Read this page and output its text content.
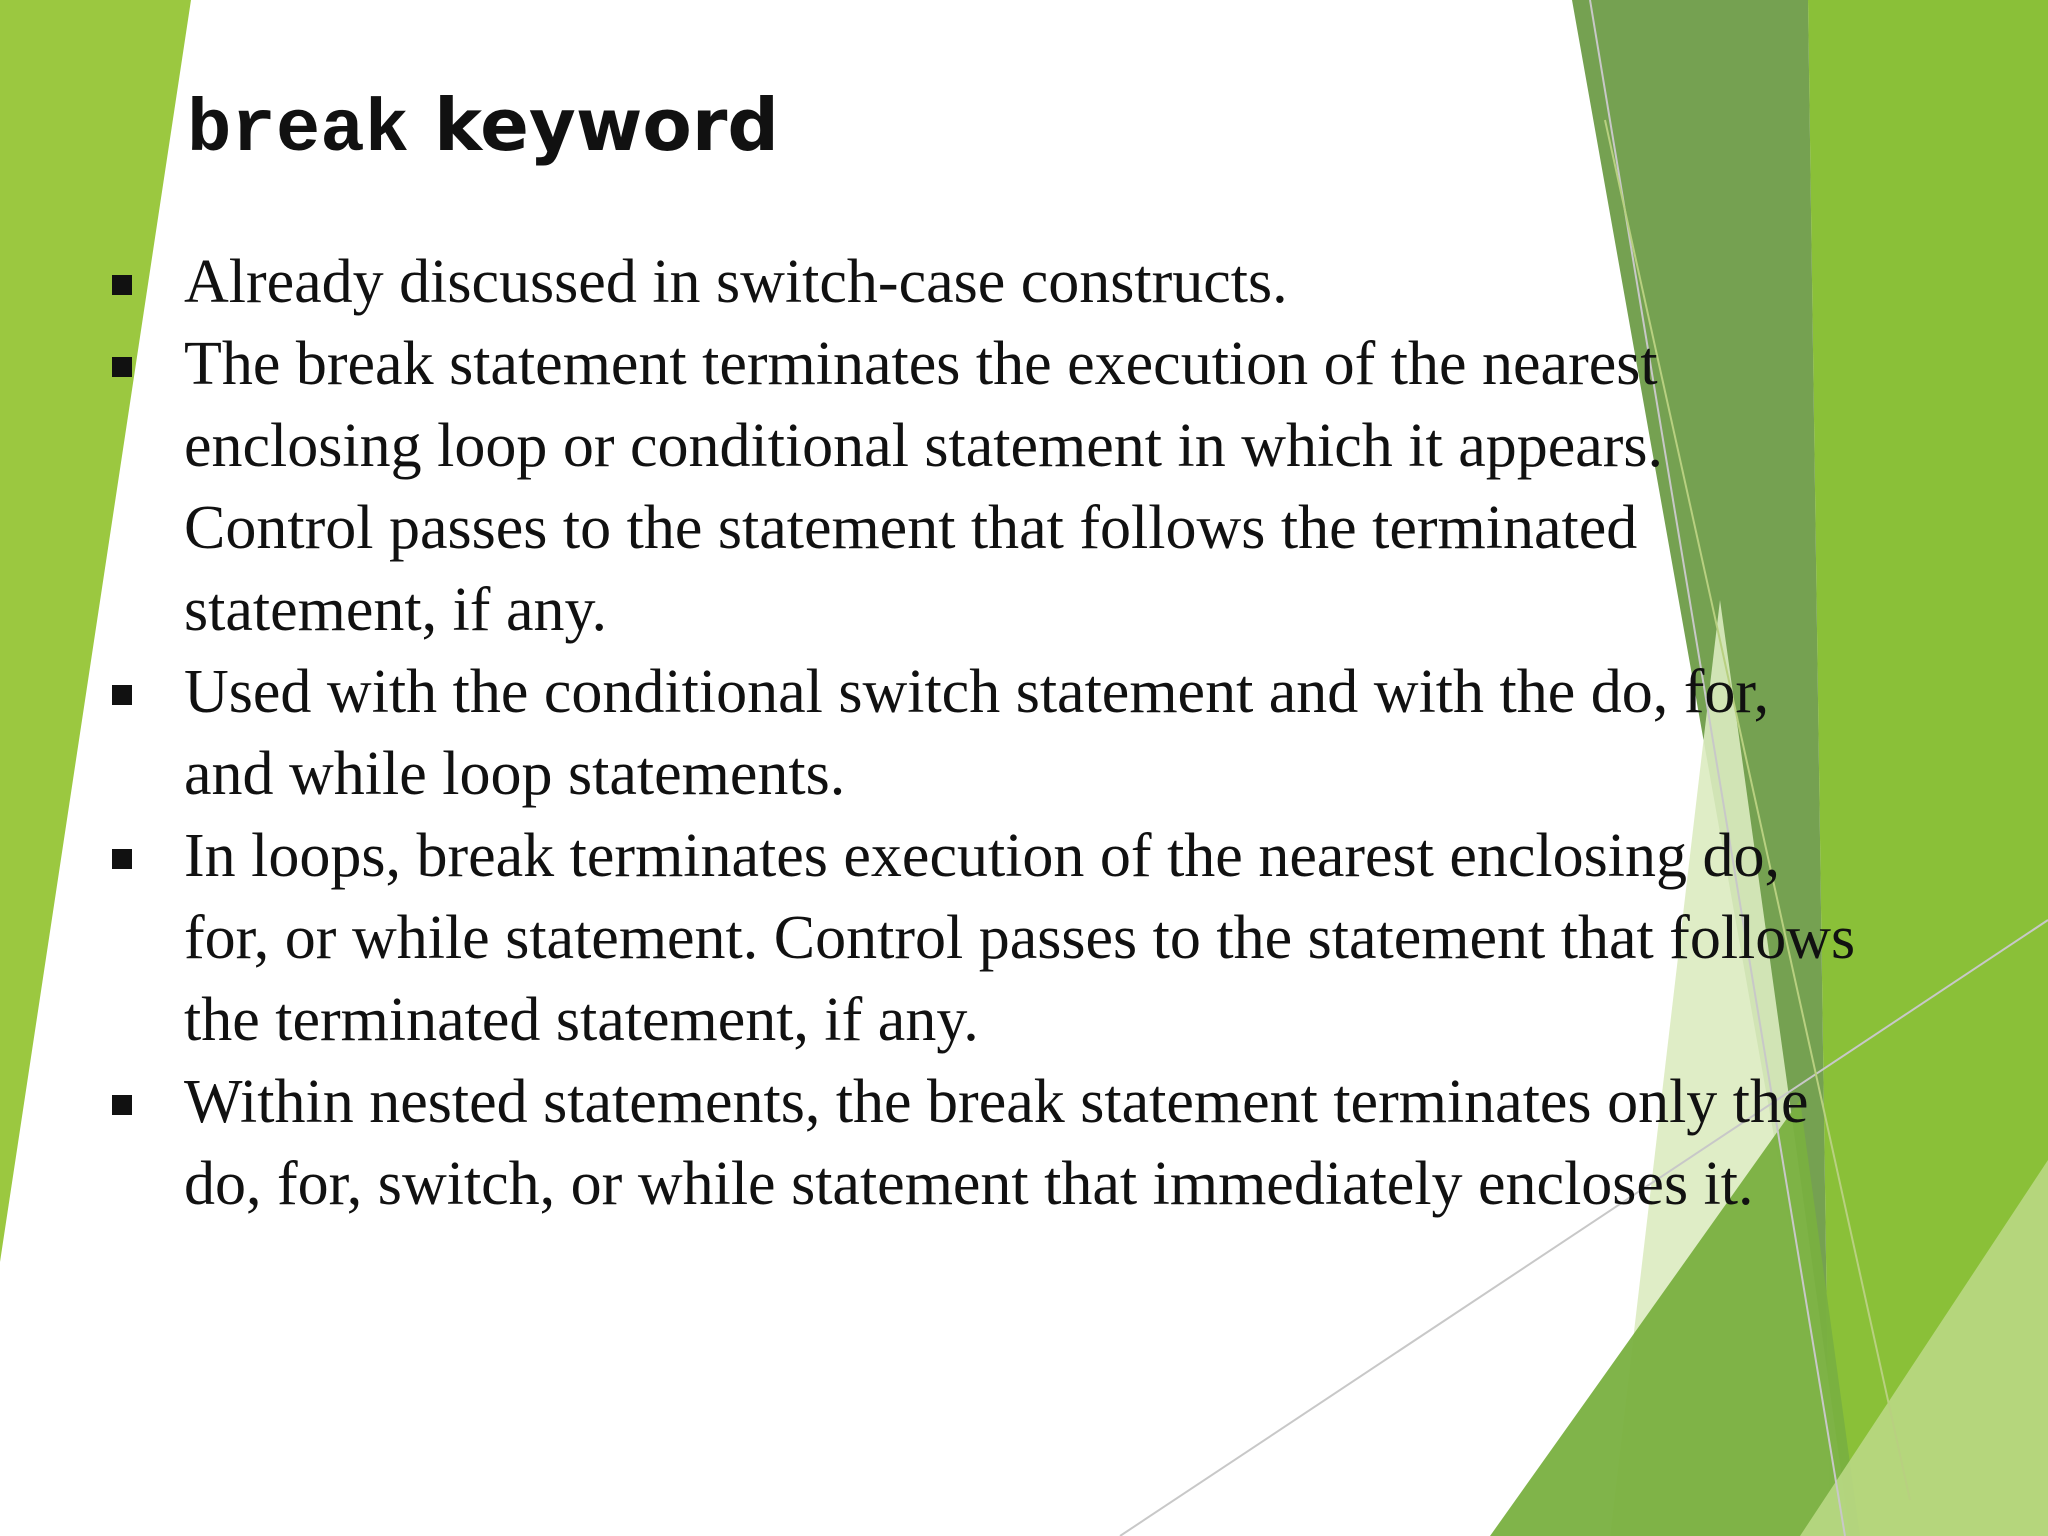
break keyword
Already discussed in switch-case constructs.
The break statement terminates the execution of the nearest
enclosing loop or conditional statement in which it appears.
Control passes to the statement that follows the terminated
statement, if any.
Used with the conditional switch statement and with the do, for,
and while loop statements.
In loops, break terminates execution of the nearest enclosing do,
for, or while statement. Control passes to the statement that follows
the terminated statement, if any.
Within nested statements, the break statement terminates only the
do, for, switch, or while statement that immediately encloses it.
